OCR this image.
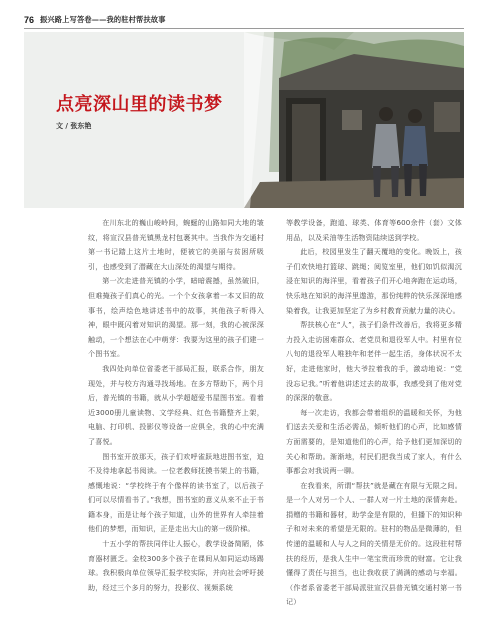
76 振兴路上写答卷——我的驻村帮扶故事
点亮深山里的读书梦
文 / 张东艳

在川东北的巍山峻岭间，蜿蜒的山路如同大地的皱纹，将宣汉县普光镇黑龙村包裹其中。当我作为交通村第一书记踏上这片土地时，便被它的美丽与贫困所吸引，也感受到了潜藏在大山深处的渴望与期待。

第一次走进普光镇的小学，暗暗震撼，虽然破旧，但难掩孩子们真心的光。一个个女孩拿着一本又旧的故事书，绘声绘色地讲述书中的故事，其他孩子听得入神，眼中既闪着对知识的渴望。那一刻，我的心被深深触动，一个想法在心中萌芽：我要为这里的孩子们建一个图书室。

我四处向单位省委老干部局汇报，联系合作，朋友现处，并与校方沟通寻找场地。在多方帮助下，两个月后，普光镇的书籍，就从小学超超爱书屋图书室。看着近3000册儿童读物、文学经典、红色书籍整齐上架，电脑、打印机、投影仪等设备一应俱全，我的心中充满了喜悦。

图书室开放那天，孩子们欢呼雀跃地进图书室，迫不及待地拿起书阅读。一位老教师抚摸书架上的书籍，感慨地说：“学校终于有个像样的读书室了，以后孩子们可以尽情看书了。”我想，图书室的意义从来不止于书籍本身，而是让每个孩子知道，山外的世界有人牵挂着他们的梦想，而知识，正是走出大山的第一级阶梯。

十五小学的帮扶同伴让人振心，教学设备简陋，体育器材匮乏。金校300多个孩子在课间从如同运动场踢球。我积极向单位领导汇报学校实际，并向社会呼吁援助，经过三个多月的努力，投影仪、视频系统

等教学设备，跑道、球类、体育等600余件（套）文体用品，以及采油等生活物资陆续送到学校。

此后，校园里发生了翻天覆地的变化。晚饭上，孩子们欢快地打篮球、跳绳；阅览室里，他们如饥似渴沉浸在知识的海洋里，看着孩子们开心地奔跑在运动场，快乐地在知识的海洋里遨游，那份纯粹的快乐深深地感染着我，让我更加坚定了为乡村教育贡献力量的决心。

帮扶核心在“人”，孩子们条件改善后，我将更多精力投入走访困难群众、老党员和退役军人中。村里有位八旬的退役军人唯独年和老伴一起生活，身体状况不太好，走进他家时，他大爷拉着我的手，激动地说：“党没忘记我。”听着他讲述过去的故事，我感受到了他对党的深深的敬意。

每一次走访，我都会带着组织的温暖和关怀，为他们送去关爱和生活必需品，倾听他们的心声，比如感情方面需要的，是知道他们的心声，给予他们更加深切的关心和帮助。渐渐地，村民们把我当成了家人，有什么事都会对我说两一聊。

在我看来，所谓“帮扶”就是藏在有限与无限之间。是一个人对另一个人、一群人对一片土地的深情奔赴。捐赠的书籍和器材，助学金是有限的，但播下的知识种子和对未来的希望是无限的。驻村的物品是微薄的，但传递的温暖和人与人之间的关情是无价的。这段驻村帮扶的经历，是我人生中一笔宝贵而珍贵的财富。它让我懂得了责任与担当，也让我收获了满满的感动与幸福。（作者系省委老干部局派驻宣汉县普光镇交通村第一书记）
